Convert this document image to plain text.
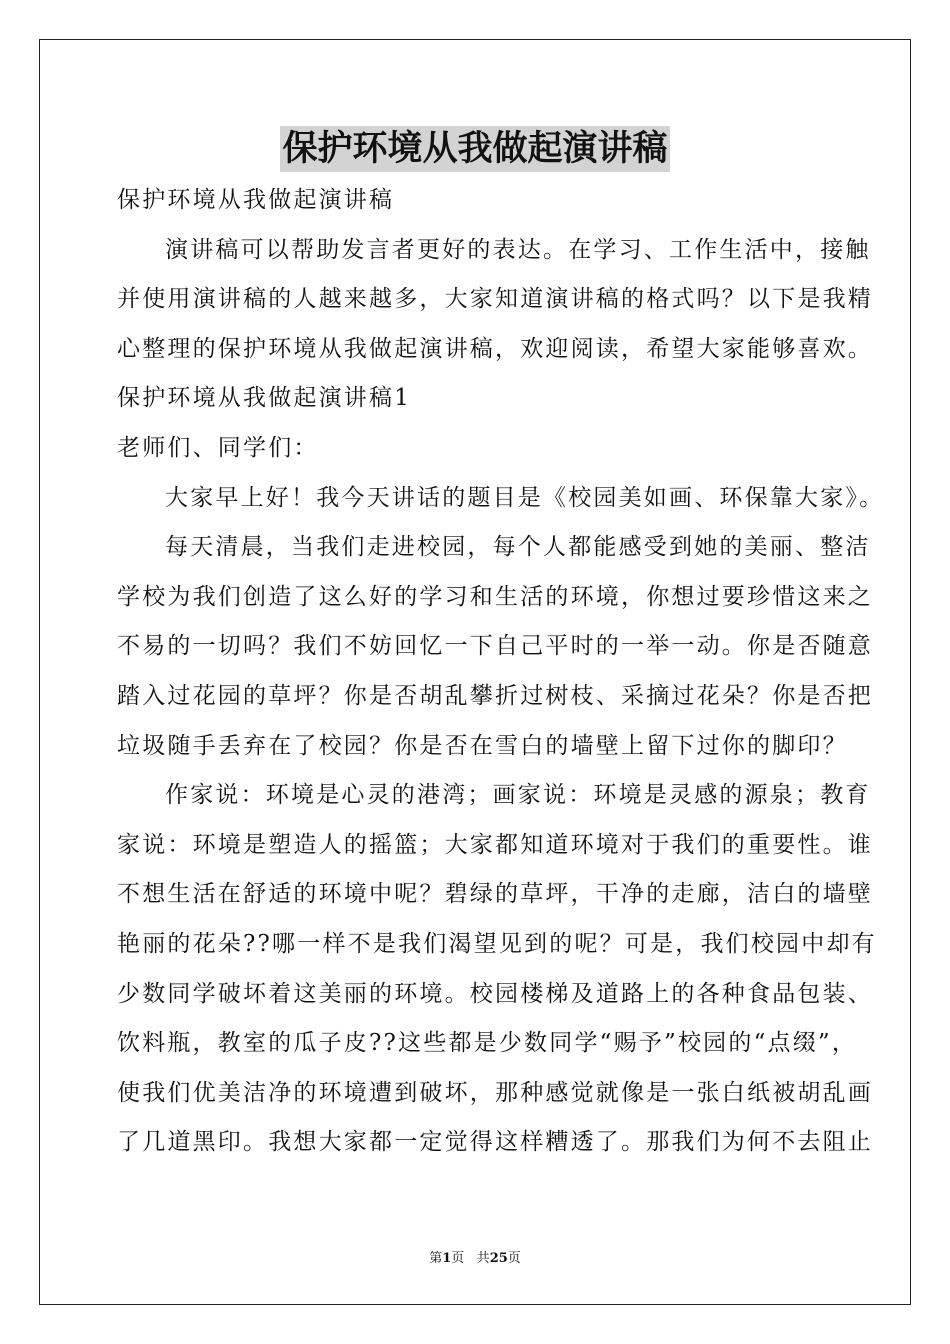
保护环境从我做起演讲稿
保护环境从我做起演讲稿
演讲稿可以帮助发言者更好的表达。在学习、工作生活中，接触
并使用演讲稿的人越来越多，大家知道演讲稿的格式吗？以下是我精
心整理的保护环境从我做起演讲稿，欢迎阅读，希望大家能够喜欢。
保护环境从我做起演讲稿1
老师们、同学们：
大家早上好！我今天讲话的题目是《校园美如画、环保靠大家》。
每天清晨，当我们走进校园，每个人都能感受到她的美丽、整洁
学校为我们创造了这么好的学习和生活的环境，你想过要珍惜这来之
不易的一切吗？我们不妨回忆一下自己平时的一举一动。你是否随意
踏入过花园的草坪？你是否胡乱攀折过树枝、采摘过花朵？你是否把
垃圾随手丢弃在了校园？你是否在雪白的墙壁上留下过你的脚印？
作家说：环境是心灵的港湾；画家说：环境是灵感的源泉；教育
家说：环境是塑造人的摇篮；大家都知道环境对于我们的重要性。谁
不想生活在舒适的环境中呢？碧绿的草坪，干净的走廊，洁白的墙壁
艳丽的花朵??哪一样不是我们渴望见到的呢？可是，我们校园中却有
少数同学破坏着这美丽的环境。校园楼梯及道路上的各种食品包装、
饮料瓶，教室的瓜子皮??这些都是少数同学“赐予”校园的“点缀”，
使我们优美洁净的环境遭到破坏，那种感觉就像是一张白纸被胡乱画
了几道黑印。我想大家都一定觉得这样糟透了。那我们为何不去阻止
第1页 共25页
